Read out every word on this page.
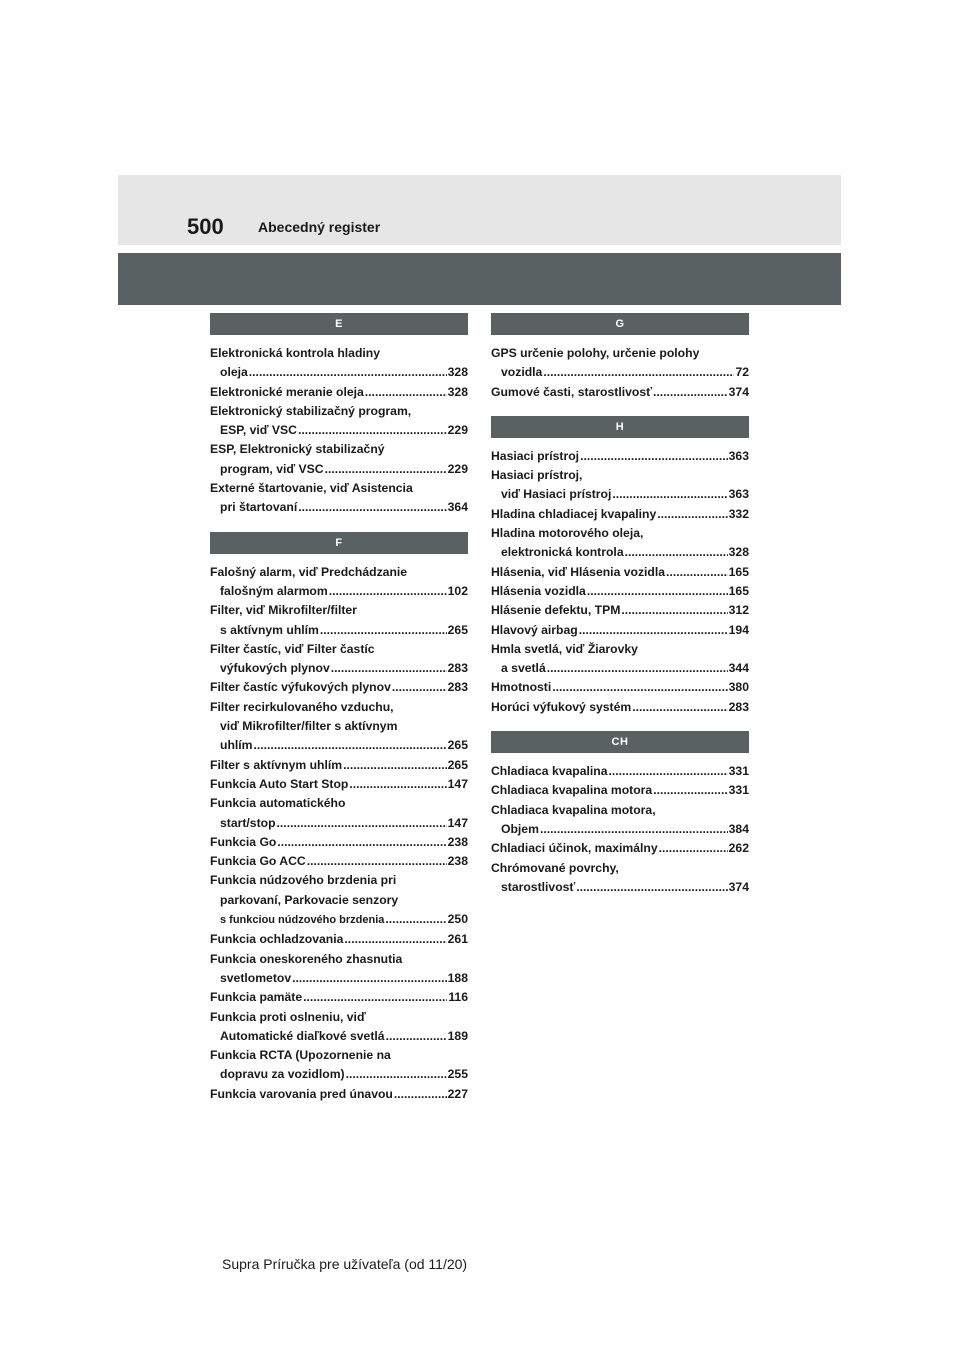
500 Abecedný register
E
Elektronická kontrola hladiny
oleja .....	328
Elektronické meranie oleja .....	328
Elektronický stabilizačný program,
ESP, viď VSC .....	229
ESP, Elektronický stabilizačný
program, viď VSC .....	229
Externé štartovanie, viď Asistencia
pri štartovaní .....	364
F
Falošný alarm, viď Predchádzanie
falošným alarmom .....	102
Filter, viď Mikrofilter/filter
s aktívnym uhlím .....	265
Filter častíc, viď Filter častíc
výfukových plynov .....	283
Filter častíc výfukových plynov .....	283
Filter recirkulovaného vzduchu,
viď Mikrofilter/filter s aktívnym
uhlím .....	265
Filter s aktívnym uhlím .....	265
Funkcia Auto Start Stop .....	147
Funkcia automatického
start/stop .....	147
Funkcia Go .....	238
Funkcia Go ACC .....	238
Funkcia núdzového brzdenia pri
parkovaní, Parkovacie senzory
s funkciou núdzového brzdenia .....	250
Funkcia ochladzovania .....	261
Funkcia oneskoreného zhasnutia
svetlometov .....	188
Funkcia pamäte .....	116
Funkcia proti oslneniu, viď
Automatické diaľkové svetlá .....	189
Funkcia RCTA (Upozornenie na
dopravu za vozidlom) .....	255
Funkcia varovania pred únavou .....	227
G
GPS určenie polohy, určenie polohy
vozidla .....	72
Gumové časti, starostlivosť .....	374
H
Hasiaci prístroj .....	363
Hasiaci prístroj,
viď Hasiaci prístroj .....	363
Hladina chladiacej kvapaliny .....	332
Hladina motorového oleja,
elektronická kontrola .....	328
Hlásenia, viď Hlásenia vozidla .....	165
Hlásenia vozidla .....	165
Hlásenie defektu, TPM .....	312
Hlavový airbag .....	194
Hmla svetlá, viď Žiarovky
a svetlá .....	344
Hmotnosti .....	380
Horúci výfukový systém .....	283
CH
Chladiaca kvapalina .....	331
Chladiaca kvapalina motora .....	331
Chladiaca kvapalina motora,
Objem .....	384
Chladiaci účinok, maximálny .....	262
Chrómované povrchy,
starostlivosť .....	374
Supra Príručka pre užívateľa (od 11/20)
